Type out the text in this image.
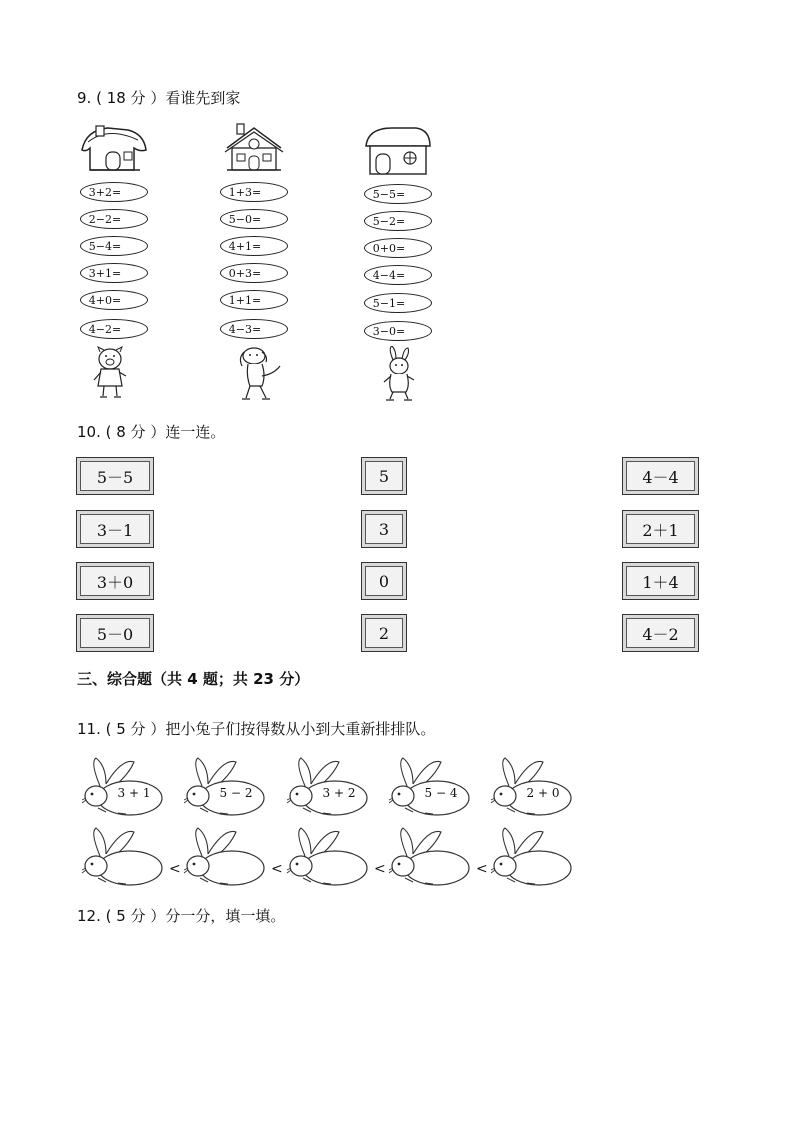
9. ( 18 分 ）看谁先到家
3+2=
2−2=
5−4=
3+1=
4+0=
4−2=
1+3=
5−0=
4+1=
0+3=
1+1=
4−3=
5−5=
5−2=
0+0=
4−4=
5−1=
3−0=
10. ( 8 分 ）连一连。
5－5
3－1
3＋0
5－0
5
3
0
2
4－4
2＋1
1＋4
4－2
三、综合题（共 4 题；共 23 分）
11. ( 5 分 ）把小兔子们按得数从小到大重新排排队。
3 + 1	5 − 2	3 + 2	5 − 4	2 + 0
<	<	<	<
12. ( 5 分 ）分一分，填一填。
